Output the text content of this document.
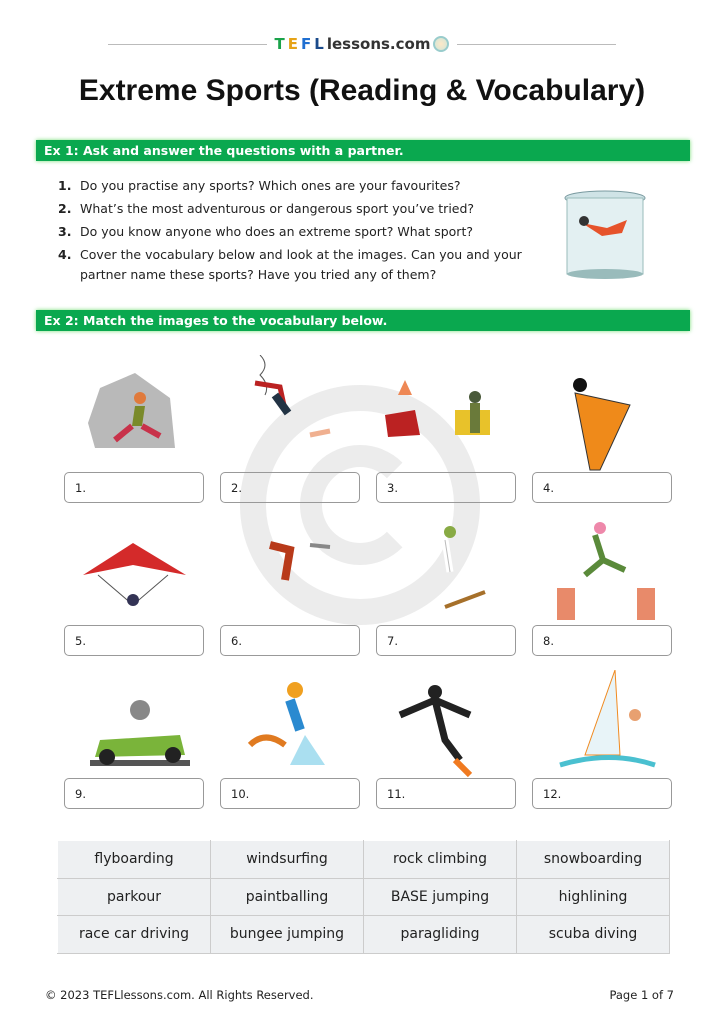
T E F L lessons.com
Extreme Sports (Reading & Vocabulary)
Ex 1: Ask and answer the questions with a partner.
1. Do you practise any sports? Which ones are your favourites?
2. What’s the most adventurous or dangerous sport you’ve tried?
3. Do you know anyone who does an extreme sport? What sport?
4. Cover the vocabulary below and look at the images. Can you and your partner name these sports? Have you tried any of them?
Ex 2: Match the images to the vocabulary below.
1.	2.	3.	4.
5.	6.	7.	8.
9.	10.	11.	12.
flyboarding	windsurfing	rock climbing	snowboarding
parkour	paintballing	BASE jumping	highlining
race car driving	bungee jumping	paragliding	scuba diving
© 2023 TEFLlessons.com. All Rights Reserved.	Page 1 of 7
